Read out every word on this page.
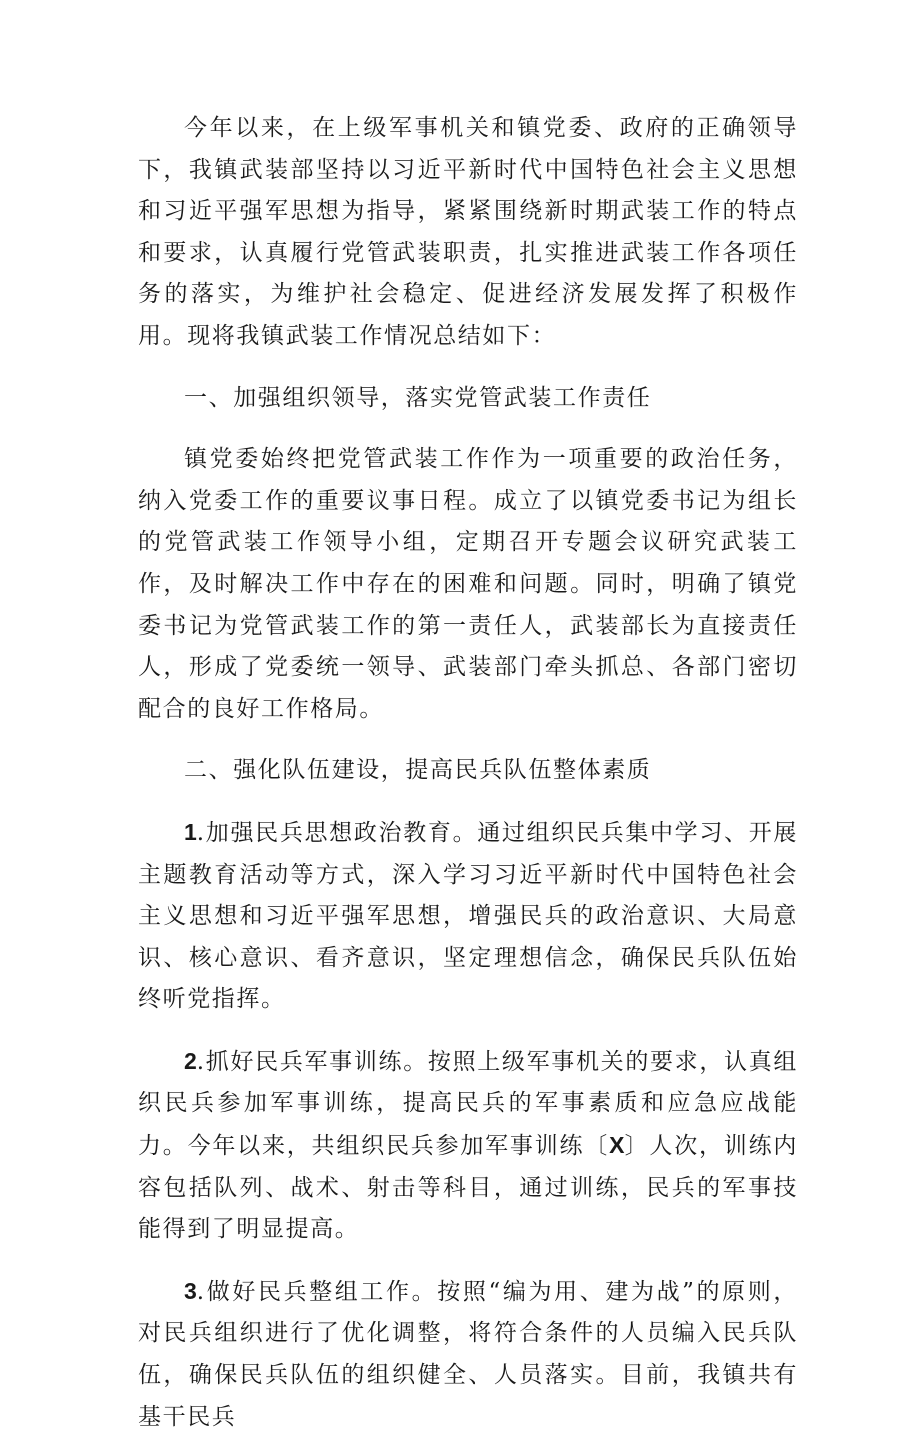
今年以来，在上级军事机关和镇党委、政府的正确领导下，我镇武装部坚持以习近平新时代中国特色社会主义思想和习近平强军思想为指导，紧紧围绕新时期武装工作的特点和要求，认真履行党管武装职责，扎实推进武装工作各项任务的落实，为维护社会稳定、促进经济发展发挥了积极作用。现将我镇武装工作情况总结如下：

一、加强组织领导，落实党管武装工作责任

镇党委始终把党管武装工作作为一项重要的政治任务，纳入党委工作的重要议事日程。成立了以镇党委书记为组长的党管武装工作领导小组，定期召开专题会议研究武装工作，及时解决工作中存在的困难和问题。同时，明确了镇党委书记为党管武装工作的第一责任人，武装部长为直接责任人，形成了党委统一领导、武装部门牵头抓总、各部门密切配合的良好工作格局。

二、强化队伍建设，提高民兵队伍整体素质

1.加强民兵思想政治教育。通过组织民兵集中学习、开展主题教育活动等方式，深入学习习近平新时代中国特色社会主义思想和习近平强军思想，增强民兵的政治意识、大局意识、核心意识、看齐意识，坚定理想信念，确保民兵队伍始终听党指挥。

2.抓好民兵军事训练。按照上级军事机关的要求，认真组织民兵参加军事训练，提高民兵的军事素质和应急应战能力。今年以来，共组织民兵参加军事训练〔X〕人次，训练内容包括队列、战术、射击等科目，通过训练，民兵的军事技能得到了明显提高。

3.做好民兵整组工作。按照“编为用、建为战”的原则，对民兵组织进行了优化调整，将符合条件的人员编入民兵队伍，确保民兵队伍的组织健全、人员落实。目前，我镇共有基干民兵
